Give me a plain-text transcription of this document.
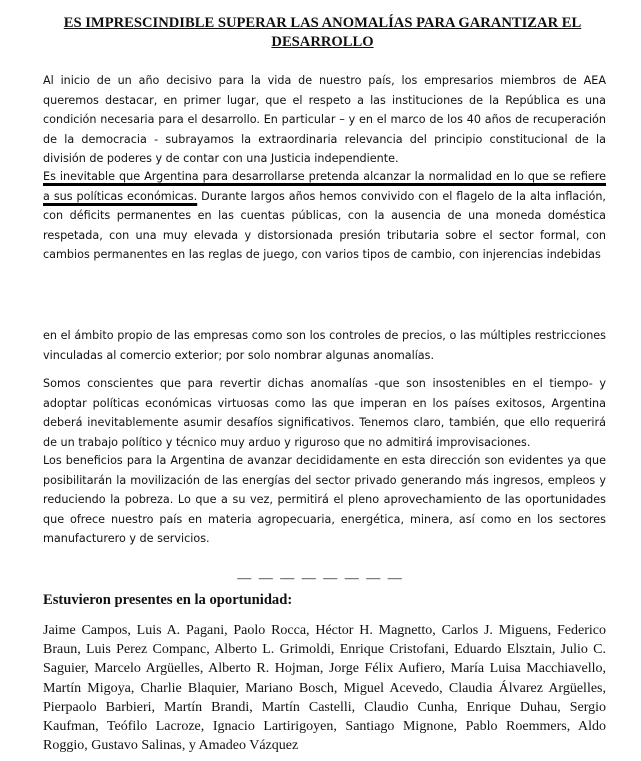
ES IMPRESCINDIBLE SUPERAR LAS ANOMALÍAS PARA GARANTIZAR EL DESARROLLO

Al inicio de un año decisivo para la vida de nuestro país, los empresarios miembros de AEA queremos destacar, en primer lugar, que el respeto a las instituciones de la República es una condición necesaria para el desarrollo. En particular – y en el marco de los 40 años de recuperación de la democracia - subrayamos la extraordinaria relevancia del principio constitucional de la división de poderes y de contar con una Justicia independiente.

Es inevitable que Argentina para desarrollarse pretenda alcanzar la normalidad en lo que se refiere a sus políticas económicas. Durante largos años hemos convivido con el flagelo de la alta inflación, con déficits permanentes en las cuentas públicas, con la ausencia de una moneda doméstica respetada, con una muy elevada y distorsionada presión tributaria sobre el sector formal, con cambios permanentes en las reglas de juego, con varios tipos de cambio, con injerencias indebidas

en el ámbito propio de las empresas como son los controles de precios, o las múltiples restricciones vinculadas al comercio exterior; por solo nombrar algunas anomalías.

Somos conscientes que para revertir dichas anomalías -que son insostenibles en el tiempo- y adoptar políticas económicas virtuosas como las que imperan en los países exitosos, Argentina deberá inevitablemente asumir desafíos significativos. Tenemos claro, también, que ello requerirá de un trabajo político y técnico muy arduo y riguroso que no admitirá improvisaciones.

Los beneficios para la Argentina de avanzar decididamente en esta dirección son evidentes ya que posibilitarán la movilización de las energías del sector privado generando más ingresos, empleos y reduciendo la pobreza. Lo que a su vez, permitirá el pleno aprovechamiento de las oportunidades que ofrece nuestro país en materia agropecuaria, energética, minera, así como en los sectores manufacturero y de servicios.

— — — — — — — —

Estuvieron presentes en la oportunidad:

Jaime Campos, Luis A. Pagani, Paolo Rocca, Héctor H. Magnetto, Carlos J. Miguens, Federico Braun, Luis Perez Companc, Alberto L. Grimoldi, Enrique Cristofani, Eduardo Elsztain, Julio C. Saguier, Marcelo Argüelles, Alberto R. Hojman, Jorge Félix Aufiero, María Luisa Macchiavello, Martín Migoya, Charlie Blaquier, Mariano Bosch, Miguel Acevedo, Claudia Álvarez Argüelles, Pierpaolo Barbieri, Martín Brandi, Martín Castelli, Claudio Cunha, Enrique Duhau, Sergio Kaufman, Teófilo Lacroze, Ignacio Lartirigoyen, Santiago Mignone, Pablo Roemmers, Aldo Roggio, Gustavo Salinas, y Amadeo Vázquez
